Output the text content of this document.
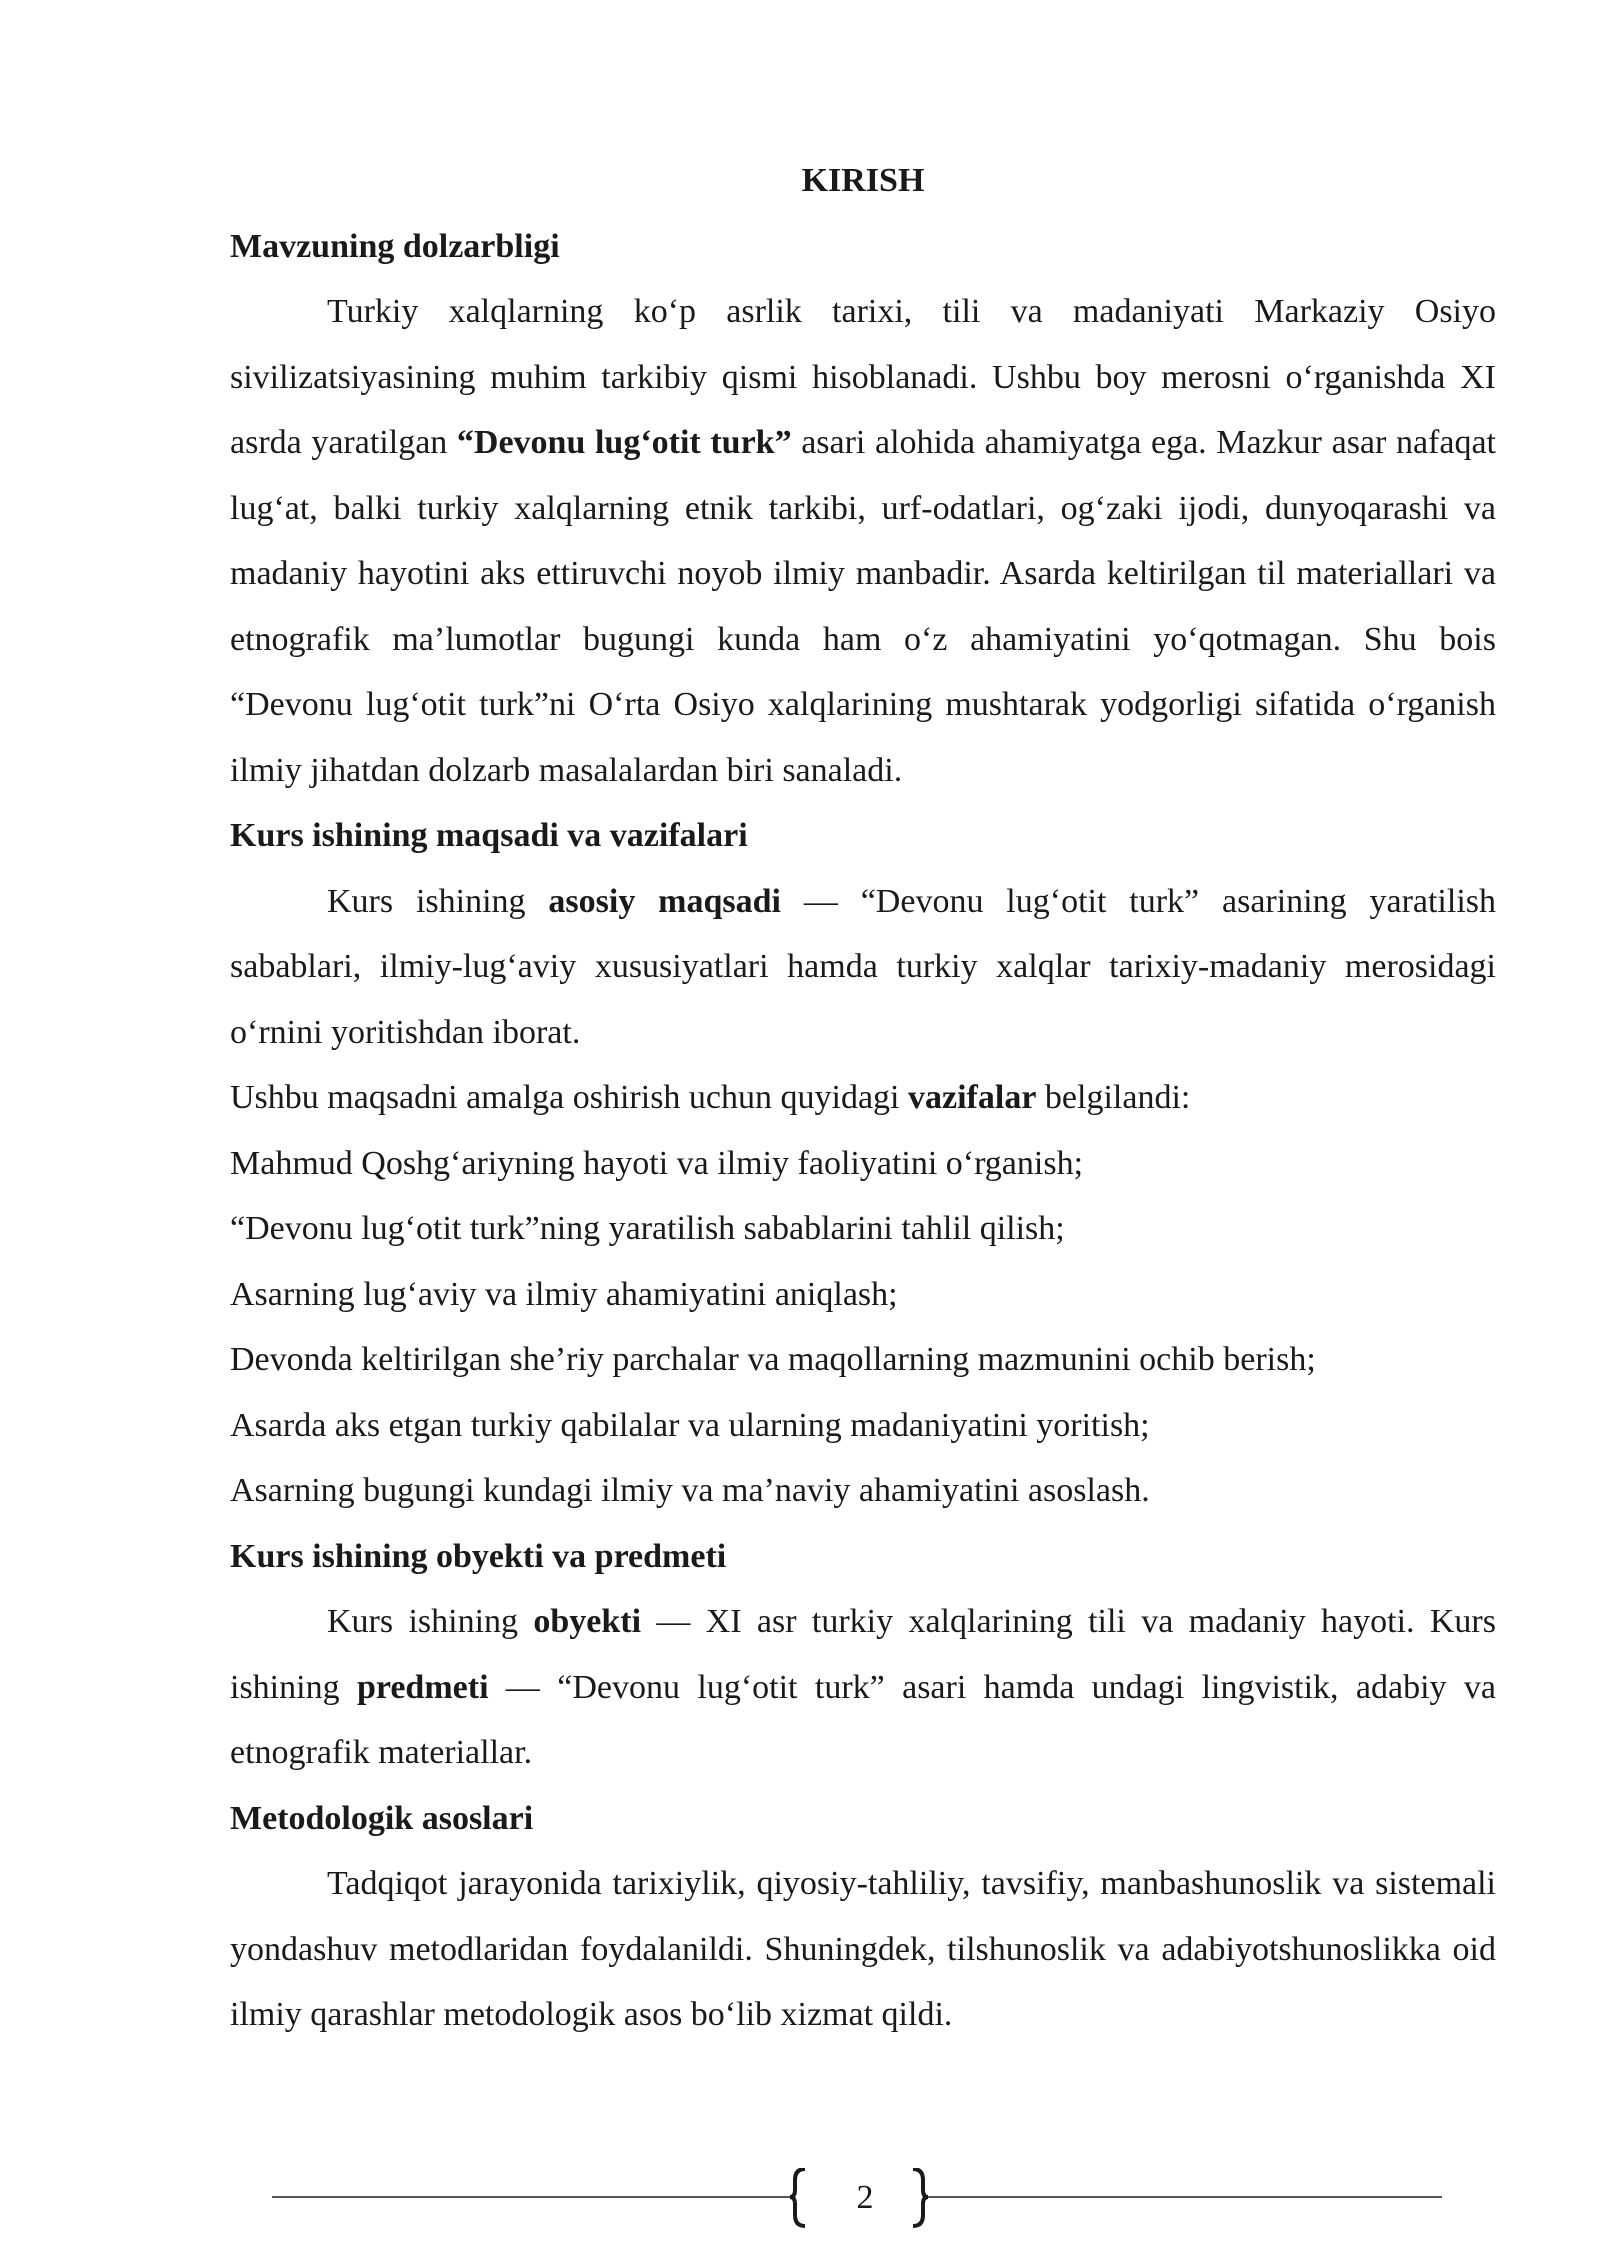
KIRISH

Mavzuning dolzarbligi

Turkiy xalqlarning ko‘p asrlik tarixi, tili va madaniyati Markaziy Osiyo sivilizatsiyasining muhim tarkibiy qismi hisoblanadi. Ushbu boy merosni o‘rganishda XI asrda yaratilgan “Devonu lug‘otit turk” asari alohida ahamiyatga ega. Mazkur asar nafaqat lug‘at, balki turkiy xalqlarning etnik tarkibi, urf-odatlari, og‘zaki ijodi, dunyoqarashi va madaniy hayotini aks ettiruvchi noyob ilmiy manbadir. Asarda keltirilgan til materiallari va etnografik ma’lumotlar bugungi kunda ham o‘z ahamiyatini yo‘qotmagan. Shu bois “Devonu lug‘otit turk”ni O‘rta Osiyo xalqlarining mushtarak yodgorligi sifatida o‘rganish ilmiy jihatdan dolzarb masalalardan biri sanaladi.

Kurs ishining maqsadi va vazifalari

Kurs ishining asosiy maqsadi — “Devonu lug‘otit turk” asarining yaratilish sabablari, ilmiy-lug‘aviy xususiyatlari hamda turkiy xalqlar tarixiy-madaniy merosidagi o‘rnini yoritishdan iborat.

Ushbu maqsadni amalga oshirish uchun quyidagi vazifalar belgilandi:

Mahmud Qoshg‘ariyning hayoti va ilmiy faoliyatini o‘rganish;

“Devonu lug‘otit turk”ning yaratilish sabablarini tahlil qilish;

Asarning lug‘aviy va ilmiy ahamiyatini aniqlash;

Devonda keltirilgan she’riy parchalar va maqollarning mazmunini ochib berish;

Asarda aks etgan turkiy qabilalar va ularning madaniyatini yoritish;

Asarning bugungi kundagi ilmiy va ma’naviy ahamiyatini asoslash.

Kurs ishining obyekti va predmeti

Kurs ishining obyekti — XI asr turkiy xalqlarining tili va madaniy hayoti. Kurs ishining predmeti — “Devonu lug‘otit turk” asari hamda undagi lingvistik, adabiy va etnografik materiallar.

Metodologik asoslari

Tadqiqot jarayonida tarixiylik, qiyosiy-tahliliy, tavsifiy, manbashunoslik va sistemali yondashuv metodlaridan foydalanildi. Shuningdek, tilshunoslik va adabiyotshunoslikka oid ilmiy qarashlar metodologik asos bo‘lib xizmat qildi.

2
